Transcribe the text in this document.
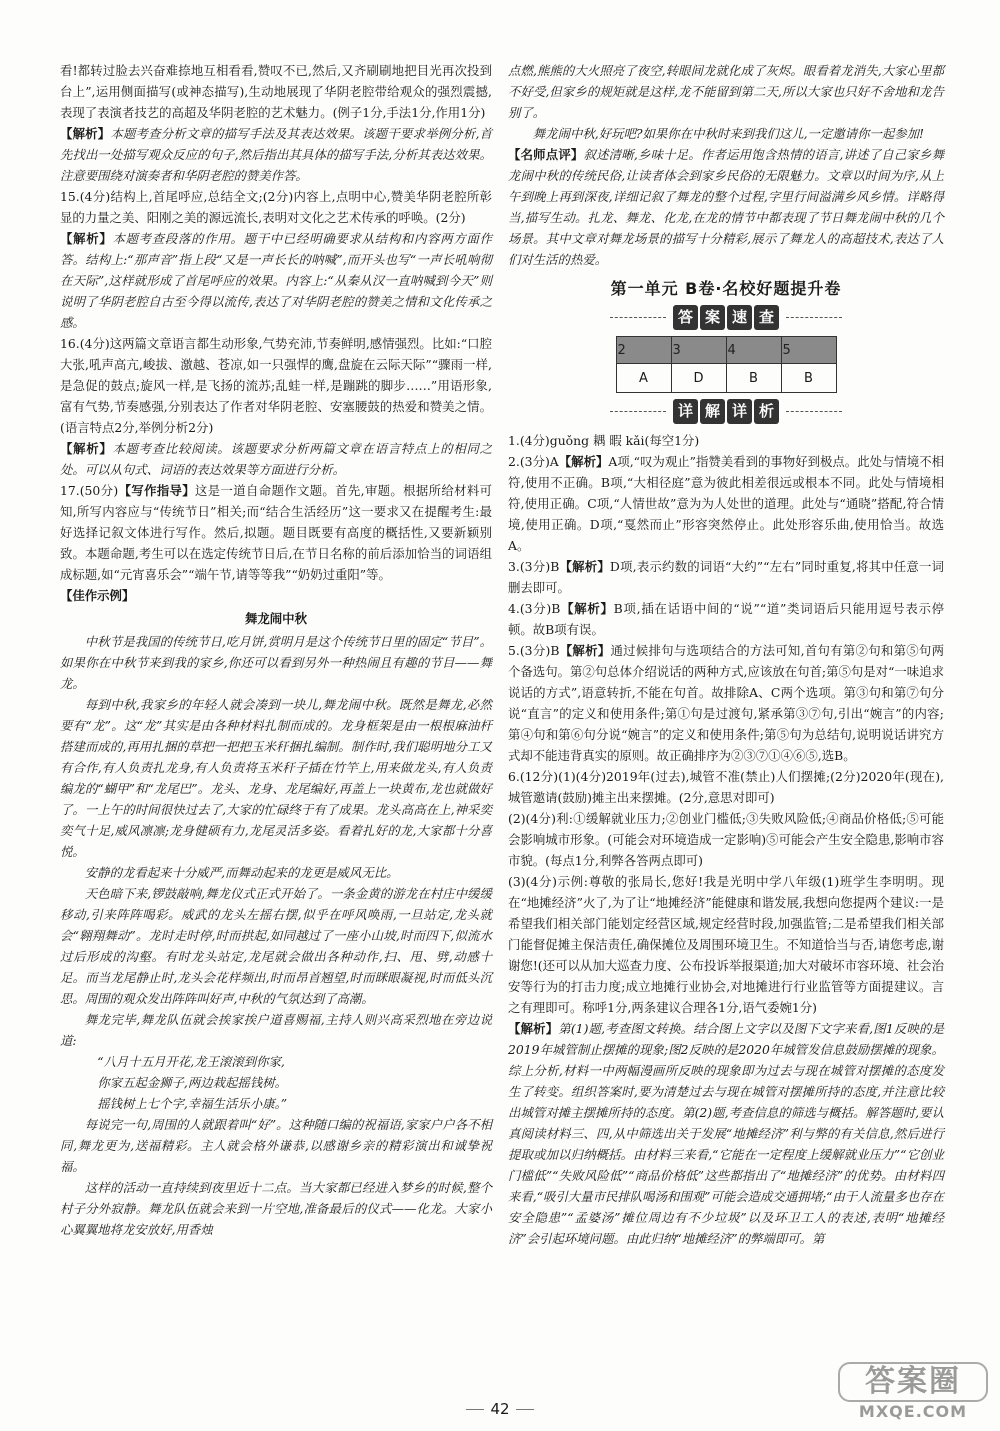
看!都转过脸去兴奋难捺地互相看看,赞叹不已,然后,又齐刷刷地把目光再次投到台上”,运用侧面描写(或神态描写),生动地展现了华阴老腔带给观众的强烈震撼,表现了表演者技艺的高超及华阴老腔的艺术魅力。(例子1分,手法1分,作用1分)

【解析】本题考查分析文章的描写手法及其表达效果。该题干要求举例分析,首先找出一处描写观众反应的句子,然后指出其具体的描写手法,分析其表达效果。注意要围绕对演奏者和华阴老腔的赞美作答。

15.(4分)结构上,首尾呼应,总结全文;(2分)内容上,点明中心,赞美华阴老腔所彰显的力量之美、阳刚之美的源远流长,表明对文化之艺术传承的呼唤。(2分)

【解析】本题考查段落的作用。题干中已经明确要求从结构和内容两方面作答。结构上:“那声音”指上段“又是一声长长的呐喊”,而开头也写“一声长吼响彻在天际”,这样就形成了首尾呼应的效果。内容上:“从秦从汉一直呐喊到今天”则说明了华阴老腔自古至今得以流传,表达了对华阴老腔的赞美之情和文化传承之感。

16.(4分)这两篇文章语言都生动形象,气势充沛,节奏鲜明,感情强烈。比如:“口腔大张,吼声高亢,峻拔、激越、苍凉,如一只强悍的鹰,盘旋在云际天际”“骤雨一样,是急促的鼓点;旋风一样,是飞扬的流苏;乱蛙一样,是蹦跳的脚步……”用语形象,富有气势,节奏感强,分别表达了作者对华阴老腔、安塞腰鼓的热爱和赞美之情。(语言特点2分,举例分析2分)

【解析】本题考查比较阅读。该题要求分析两篇文章在语言特点上的相同之处。可以从句式、词语的表达效果等方面进行分析。

17.(50分)【写作指导】这是一道自命题作文题。首先,审题。根据所给材料可知,所写内容应与“传统节日”相关;而“结合生活经历”这一要求又在提醒考生:最好选择记叙文体进行写作。然后,拟题。题目既要有高度的概括性,又要新颖别致。本题命题,考生可以在选定传统节日后,在节日名称的前后添加恰当的词语组成标题,如“元宵喜乐会”“端午节,请等等我”“奶奶过重阳”等。

【佳作示例】

舞龙闹中秋

中秋节是我国的传统节日,吃月饼,赏明月是这个传统节日里的固定“节目”。如果你在中秋节来到我的家乡,你还可以看到另外一种热闹且有趣的节目——舞龙。

每到中秋,我家乡的年轻人就会凑到一块儿,舞龙闹中秋。既然是舞龙,必然要有“龙”。这“龙”其实是由各种材料扎制而成的。龙身框架是由一根根麻油杆搭建而成的,再用扎捆的草把一把把玉米秆捆扎编制。制作时,我们聪明地分工又有合作,有人负责扎龙身,有人负责将玉米秆子插在竹竿上,用来做龙头,有人负责编龙的“蝴甲”和“龙尾巴”。龙头、龙身、龙尾编好,再盖上一块黄布,龙也就做好了。一上午的时间很快过去了,大家的忙碌终于有了成果。龙头高高在上,神采奕奕气十足,威风凛凛;龙身健硕有力,龙尾灵活多姿。看着扎好的龙,大家都十分喜悦。

安静的龙看起来十分威严,而舞动起来的龙更是威风无比。

天色暗下来,锣鼓敲响,舞龙仪式正式开始了。一条金黄的游龙在村庄中缓缓移动,引来阵阵喝彩。威武的龙头左摇右摆,似乎在呼风唤雨,一旦站定,龙头就会“翱翔舞动”。龙时走时停,时而拱起,如同越过了一座小山坡,时而四下,似流水过后形成的沟壑。有时龙头站定,龙尾就会做出各种动作,扫、甩、劈,动感十足。而当龙尾静止时,龙头会花样频出,时而昂首翘望,时而眯眼凝视,时而低头沉思。周围的观众发出阵阵叫好声,中秋的气氛达到了高潮。

舞龙完毕,舞龙队伍就会挨家挨户道喜赐福,主持人则兴高采烈地在旁边说道:

“八月十五月开花,龙王滚滚到你家,

你家五起金狮子,两边栽起摇钱树。

摇钱树上七个字,幸福生活乐小康。”

每说完一句,周围的人就跟着叫“好”。这种随口编的祝福语,家家户户各不相同,舞龙更为,送福精彩。主人就会格外谦恭,以感谢乡亲的精彩演出和诚挚祝福。

这样的活动一直持续到夜里近十二点。当大家都已经进入梦乡的时候,整个村子分外寂静。舞龙队伍就会来到一片空地,准备最后的仪式——化龙。大家小心翼翼地将龙安放好,用香烛

点燃,熊熊的大火照亮了夜空,转眼间龙就化成了灰烬。眼看着龙消失,大家心里都不好受,但家乡的规矩就是这样,龙不能留到第二天,所以大家也只好不舍地和龙告别了。

舞龙闹中秋,好玩吧?如果你在中秋时来到我们这儿,一定邀请你一起参加!

【名师点评】叙述清晰,乡味十足。作者运用饱含热情的语言,讲述了自己家乡舞龙闹中秋的传统民俗,让读者体会到家乡民俗的无限魅力。文章以时间为序,从上午到晚上再到深夜,详细记叙了舞龙的整个过程,字里行间溢满乡风乡情。详略得当,描写生动。扎龙、舞龙、化龙,在龙的情节中都表现了节日舞龙闹中秋的几个场景。其中文章对舞龙场景的描写十分精彩,展示了舞龙人的高超技术,表达了人们对生活的热爱。

第一单元 B卷·名校好题提升卷
答 案 速 查
2	3	4	5
A	D	B	B
详 解 详 析

1.(4分)guǒng 耦 暇 kǎi(每空1分)

2.(3分)A【解析】A项,“叹为观止”指赞美看到的事物好到极点。此处与情境不相符,使用不正确。B项,“大相径庭”意为彼此相差很远或根本不同。此处与情境相符,使用正确。C项,“人情世故”意为为人处世的道理。此处与“通晓”搭配,符合情境,使用正确。D项,“戛然而止”形容突然停止。此处形容乐曲,使用恰当。故选A。

3.(3分)B【解析】D项,表示约数的词语“大约”“左右”同时重复,将其中任意一词删去即可。

4.(3分)B【解析】B项,插在话语中间的“说”“道”类词语后只能用逗号表示停顿。故B项有误。

5.(3分)B【解析】通过候排句与选项结合的方法可知,首句有第②句和第⑤句两个备选句。第②句总体介绍说话的两种方式,应该放在句首;第⑤句是对“一味追求说话的方式”,语意转折,不能在句首。故排除A、C两个选项。第③句和第⑦句分说“直言”的定义和使用条件;第①句是过渡句,紧承第③⑦句,引出“婉言”的内容;第④句和第⑥句分说“婉言”的定义和使用条件;第⑤句为总结句,说明说话讲究方式却不能违背真实的原则。故正确排序为②③⑦①④⑥⑤,选B。

6.(12分)(1)(4分)2019年(过去),城管不准(禁止)人们摆摊;(2分)2020年(现在),城管邀请(鼓励)摊主出来摆摊。(2分,意思对即可)

(2)(4分)利:①缓解就业压力;②创业门槛低;③失败风险低;④商品价格低;⑤可能会影响城市形象。(可能会对环境造成一定影响)⑤可能会产生安全隐患,影响市容市貌。(每点1分,利弊各答两点即可)

(3)(4分)示例:尊敬的张局长,您好!我是光明中学八年级(1)班学生李明明。现在“地摊经济”火了,为了让“地摊经济”能健康和谐发展,我想向您提两个建议:一是希望我们相关部门能划定经营区域,规定经营时段,加强监管;二是希望我们相关部门能督促摊主保洁责任,确保摊位及周围环境卫生。不知道恰当与否,请您考虑,谢谢您!(还可以从加大巡查力度、公布投诉举报渠道;加大对破坏市容环境、社会治安等行为的打击力度;成立地摊行业协会,对地摊进行行业监管等方面提建议。言之有理即可。称呼1分,两条建议合理各1分,语气委婉1分)

【解析】第(1)题,考查图文转换。结合图上文字以及图下文字来看,图1反映的是2019年城管制止摆摊的现象;图2反映的是2020年城管发信息鼓励摆摊的现象。综上分析,材料一中两幅漫画所反映的现象即为过去与现在城管对摆摊的态度发生了转变。组织答案时,要为清楚过去与现在城管对摆摊所持的态度,并注意比较出城管对摊主摆摊所持的态度。第(2)题,考查信息的筛选与概括。解答题时,要认真阅读材料三、四,从中筛选出关于发展“地摊经济”利与弊的有关信息,然后进行提取或加以归纳概括。由材料三来看,“它能在一定程度上缓解就业压力”“它创业门槛低”“失败风险低”“商品价格低”这些都指出了“地摊经济”的优势。由材料四来看,“吸引大量市民排队喝汤和围观”可能会造成交通拥堵;“由于人流量多也存在安全隐患”“孟婆汤”摊位周边有不少垃圾”以及环卫工人的表述,表明“地摊经济”会引起环境问题。由此归纳“地摊经济”的弊端即可。第

42
答案圈
MXQE.COM
